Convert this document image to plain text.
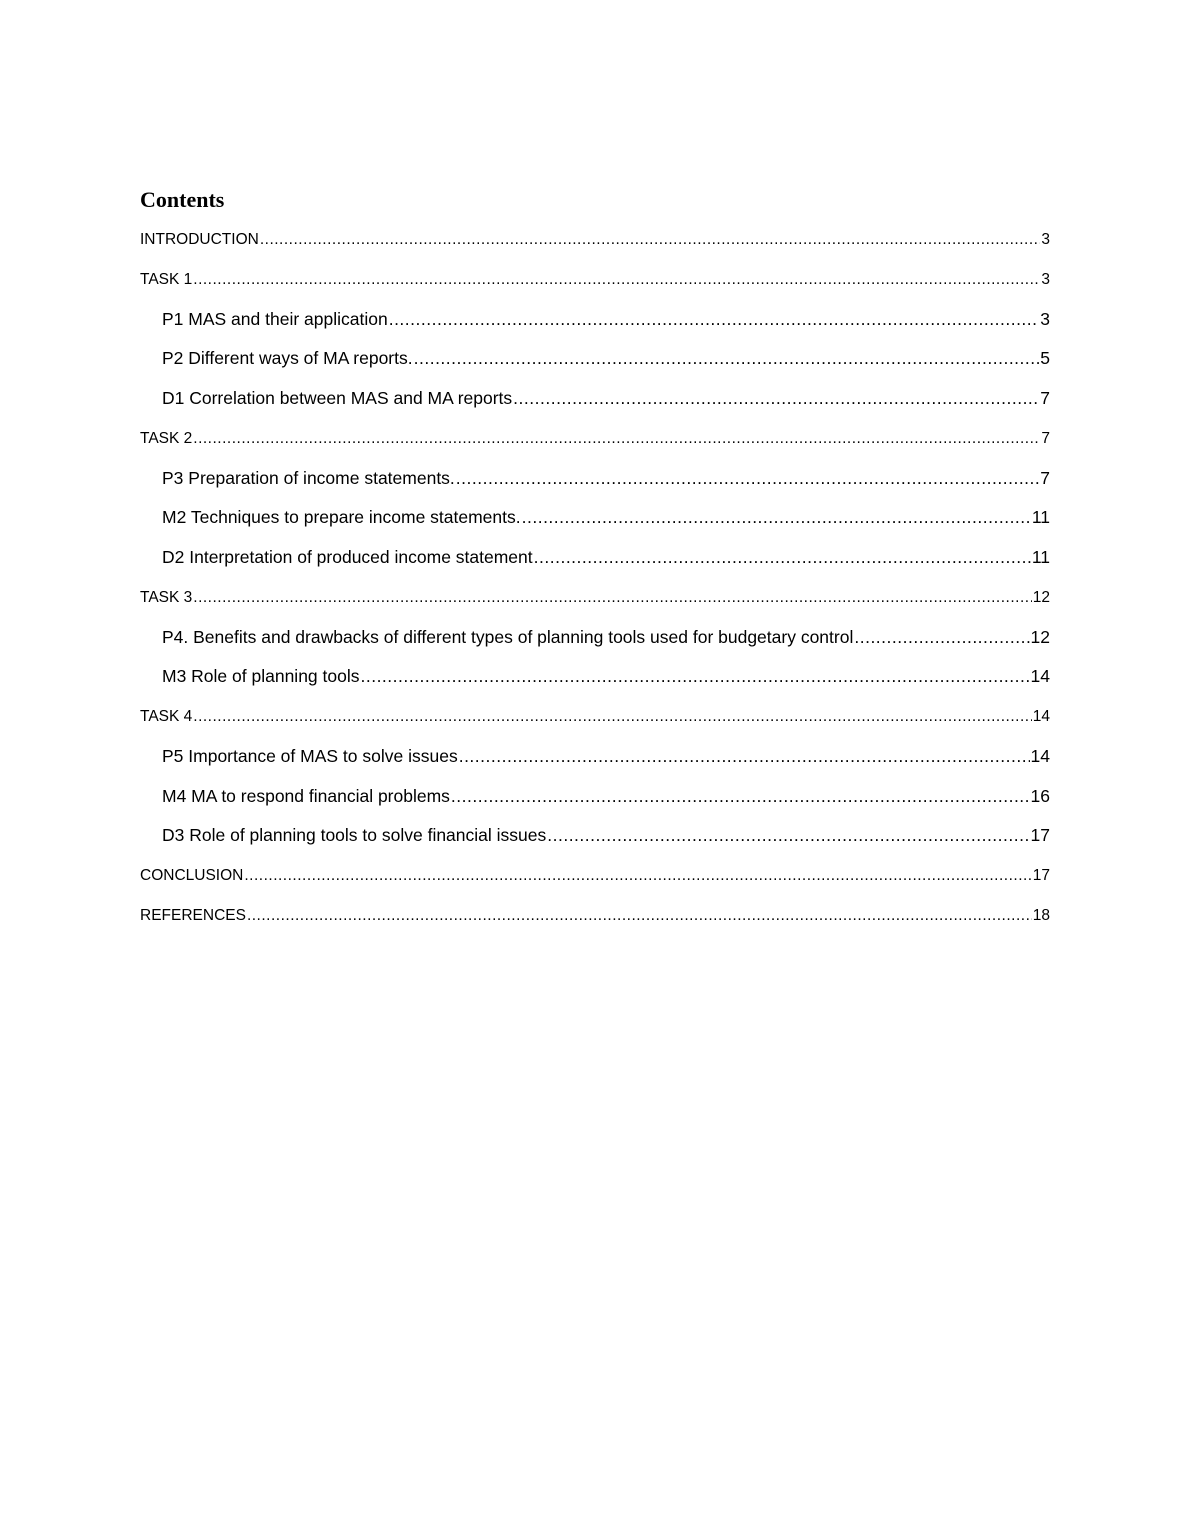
Contents
INTRODUCTION .....	3
TASK 1 .....	3
P1 MAS and their application .....	3
P2 Different ways of MA reports. .....	5
D1 Correlation between MAS and MA reports .....	7
TASK 2 .....	7
P3 Preparation of income statements. .....	7
M2 Techniques to prepare income statements. .....	11
D2 Interpretation of produced income statement .....	11
TASK 3 .....	12
P4. Benefits and drawbacks of different types of planning tools used for budgetary control .....	12
M3 Role of planning tools .....	14
TASK 4 .....	14
P5 Importance of MAS to solve issues .....	14
M4 MA to respond financial problems .....	16
D3 Role of planning tools to solve financial issues .....	17
CONCLUSION .....	17
REFERENCES .....	18
